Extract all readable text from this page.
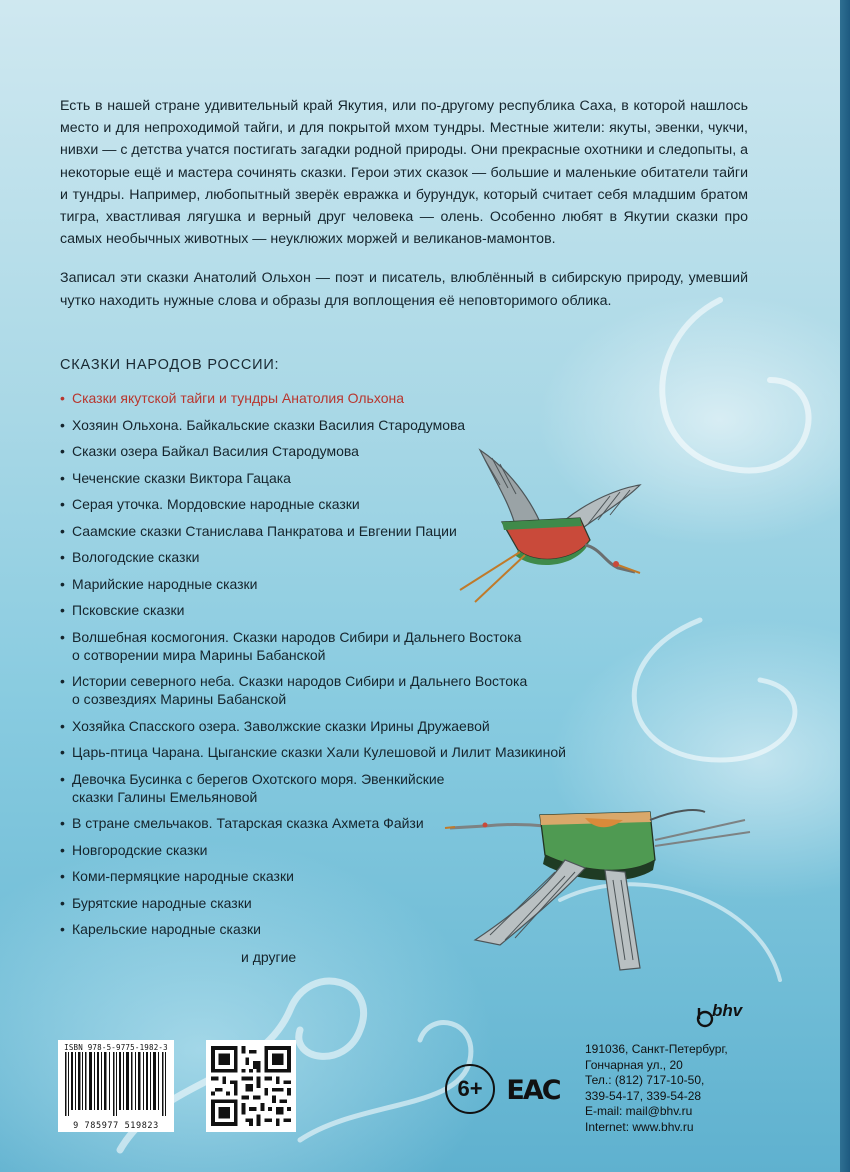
Есть в нашей стране удивительный край Якутия, или по-другому республика Саха, в которой нашлось место и для непроходимой тайги, и для покрытой мхом тундры. Местные жители: якуты, эвенки, чукчи, нивхи — с детства учатся постигать загадки родной природы. Они прекрасные охотники и следопыты, а некоторые ещё и мастера сочинять сказки. Герои этих сказок — большие и маленькие обитатели тайги и тундры. Например, любопытный зверёк евражка и бурундук, который считает себя младшим братом тигра, хвастливая лягушка и верный друг человека — олень. Особенно любят в Якутии сказки про самых необычных животных — неуклюжих моржей и великанов-мамонтов.

Записал эти сказки Анатолий Ольхон — поэт и писатель, влюблённый в сибирскую природу, умевший чутко находить нужные слова и образы для воплощения её неповторимого облика.

СКАЗКИ НАРОДОВ РОССИИ:
• Сказки якутской тайги и тундры Анатолия Ольхона
• Хозяин Ольхона. Байкальские сказки Василия Стародумова
• Сказки озера Байкал Василия Стародумова
• Чеченские сказки Виктора Гацака
• Серая уточка. Мордовские народные сказки
• Саамские сказки Станислава Панкратова и Евгении Пации
• Вологодские сказки
• Марийские народные сказки
• Псковские сказки
• Волшебная космогония. Сказки народов Сибири и Дальнего Востока
о сотворении мира Марины Бабанской
• Истории северного неба. Сказки народов Сибири и Дальнего Востока
о созвездиях Марины Бабанской
• Хозяйка Спасского озера. Заволжские сказки Ирины Дружаевой
• Царь-птица Чарана. Цыганские сказки Хали Кулешовой и Лилит Мазикиной
• Девочка Бусинка с берегов Охотского моря. Эвенкийские
сказки Галины Емельяновой
• В стране смельчаков. Татарская сказка Ахмета Файзи
• Новгородские сказки
• Коми-пермяцкие народные сказки
• Бурятские народные сказки
• Карельские народные сказки
и другие
ISBN 978-5-9775-1982-3
9 785977 519823
6+ EAC
bhv
191036, Санкт-Петербург,
Гончарная ул., 20
Тел.: (812) 717-10-50,
339-54-17, 339-54-28
E-mail: mail@bhv.ru
Internet: www.bhv.ru
